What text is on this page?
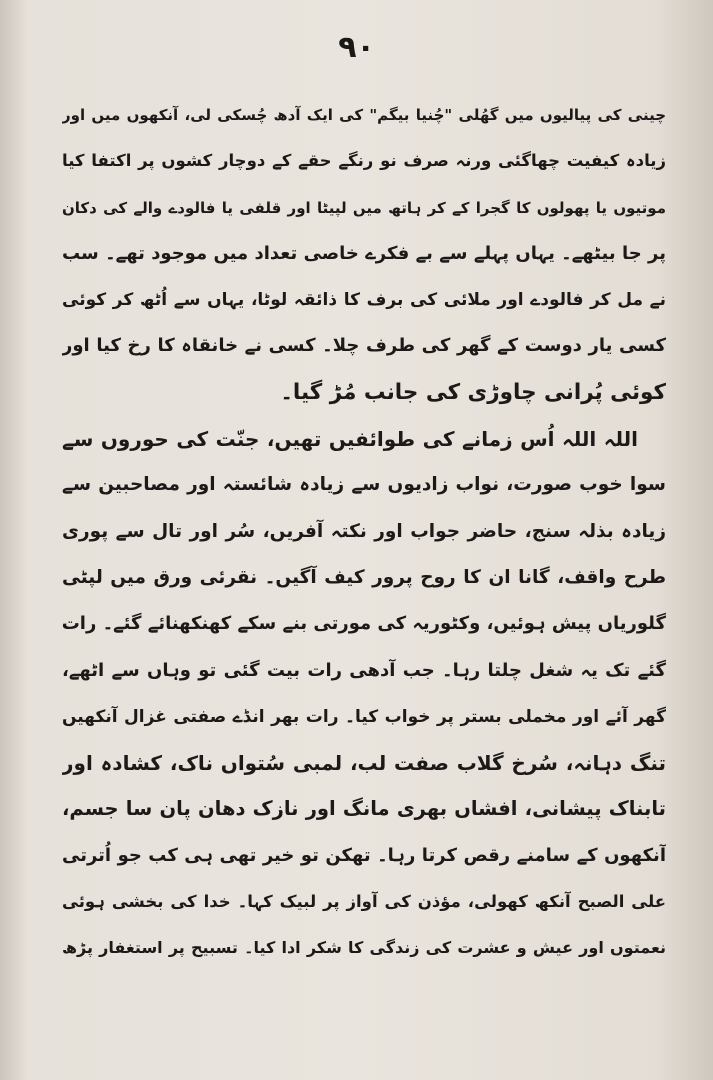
۹۰
چینی کی پیالیوں میں گھُلی "چُنیا بیگم" کی ایک آدھ چُسکی لی، آنکھوں میں اور
زیادہ کیفیت چھاگئی ورنہ صرف نو رنگے حقے کے دوچار کشوں پر اکتفا کیا
موتیوں یا پھولوں کا گجرا کے کر ہاتھ میں لپیٹا اور قلفی یا فالودے والے کی دکان
پر جا بیٹھے۔ یہاں پہلے سے بے فکرے خاصی تعداد میں موجود تھے۔ سب
نے مل کر فالودے اور ملائی کی برف کا ذائقہ لوٹا، یہاں سے اُٹھ کر کوئی
کسی یار دوست کے گھر کی طرف چلا۔ کسی نے خانقاہ کا رخ کیا اور
کوئی پُرانی چاوڑی کی جانب مُڑ گیا۔
اللہ اللہ اُس زمانے کی طوائفیں تھیں، جنّت کی حوروں سے
سوا خوب صورت، نواب زادیوں سے زیادہ شائستہ اور مصاحبین سے
زیادہ بذلہ سنج، حاضر جواب اور نکتہ آفریں، سُر اور تال سے پوری
طرح واقف، گانا ان کا روح پرور کیف آگیں۔ نقرئی ورق میں لپٹی
گلوریاں پیش ہوئیں، وکٹوریہ کی مورتی بنے سکے کھنکھنائے گئے۔ رات
گئے تک یہ شغل چلتا رہا۔ جب آدھی رات بیت گئی تو وہاں سے اٹھے،
گھر آئے اور مخملی بستر پر خواب کیا۔ رات بھر انڈے صفتی غزال آنکھیں
تنگ دہانہ، سُرخ گلاب صفت لب، لمبی سُتواں ناک، کشادہ اور
تابناک پیشانی، افشاں بھری مانگ اور نازک دھان پان سا جسم،
آنکھوں کے سامنے رقص کرتا رہا۔ تھکن تو خیر تھی ہی کب جو اُترتی
علی الصبح آنکھ کھولی، مؤذن کی آواز پر لبیک کہا۔ خدا کی بخشی ہوئی
نعمتوں اور عیش و عشرت کی زندگی کا شکر ادا کیا۔ تسبیح پر استغفار پڑھ
